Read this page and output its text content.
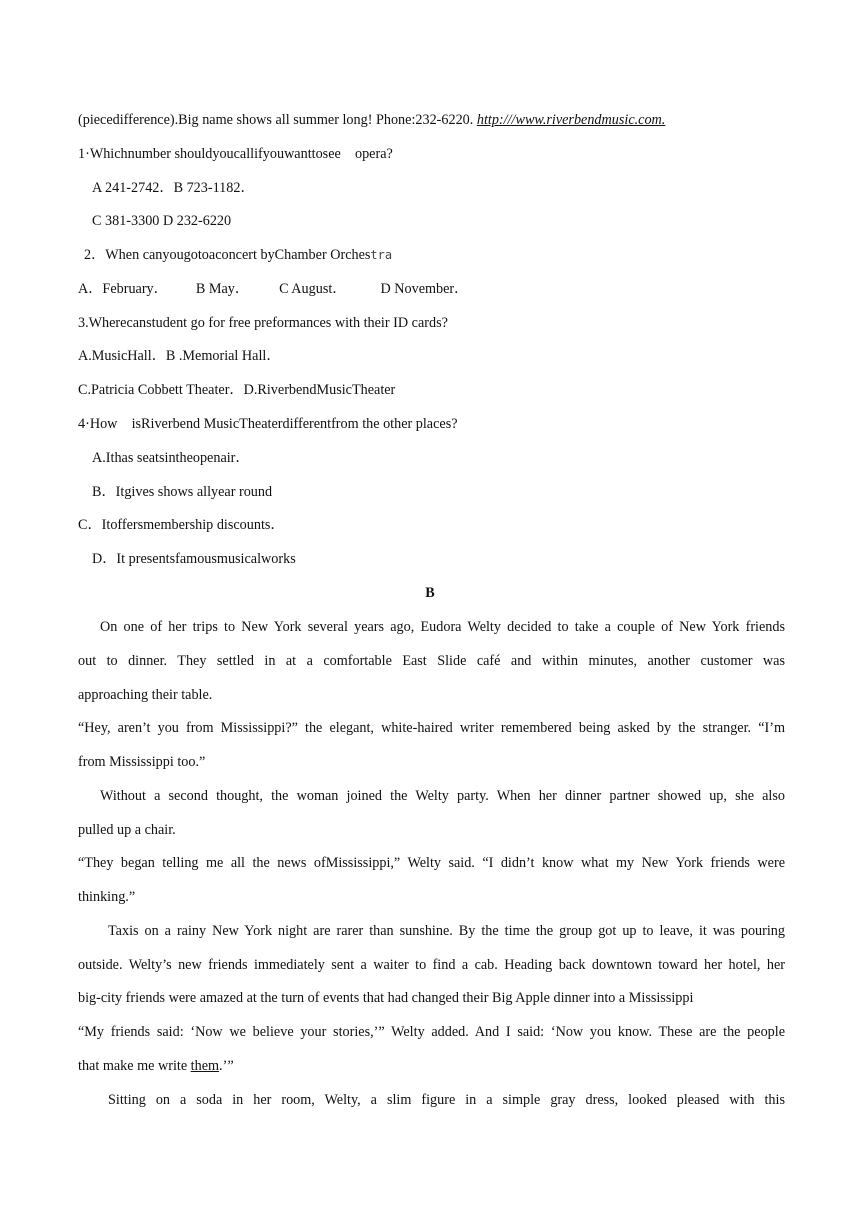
(piecedifference).Big name shows all summer long! Phone:232-6220. http:///www.riverbendmusic.com.
1·Whichnumber shouldyoucallifyouwanttosee　opera?
A 241-2742．B 723-1182．
C 381-3300 D 232-6220
2．When canyougotoaconcert byChamber Orchestra
A．February． B May． C August． D November．
3.Wherecanstudent go for free preformances with their ID cards?
A.MusicHall．B .Memorial Hall．
C.Patricia Cobbett Theater．D.RiverbendMusicTheater
4·How　isRiverbend MusicTheaterdifferentfrom the other places?
A.Ithas seatsintheopenair．
B．Itgives shows allyear round
C．Itoffersmembership discounts．
D．It presentsfamousmusicalworks
B
On one of her trips to New York several years ago, Eudora Welty decided to take a couple of New York friends
out to dinner. They settled in at a comfortable East Slide café and within minutes, another customer was
approaching their table.
“Hey, aren’t you from Mississippi?” the elegant, white-haired writer remembered being asked by the stranger. “I’m
from Mississippi too.”
Without a second thought, the woman joined the Welty party. When her dinner partner showed up, she also
pulled up a chair.
“They began telling me all the news ofMississippi,” Welty said. “I didn’t know what my New York friends were
thinking.”
Taxis on a rainy New York night are rarer than sunshine. By the time the group got up to leave, it was pouring
outside. Welty’s new friends immediately sent a waiter to find a cab. Heading back downtown toward her hotel, her
big-city friends were amazed at the turn of events that had changed their Big Apple dinner into a Mississippi
“My friends said: ‘Now we believe your stories,’” Welty added. And I said: ‘Now you know. These are the people
that make me write them.’”
Sitting on a soda in her room, Welty, a slim figure in a simple gray dress, looked pleased with this
